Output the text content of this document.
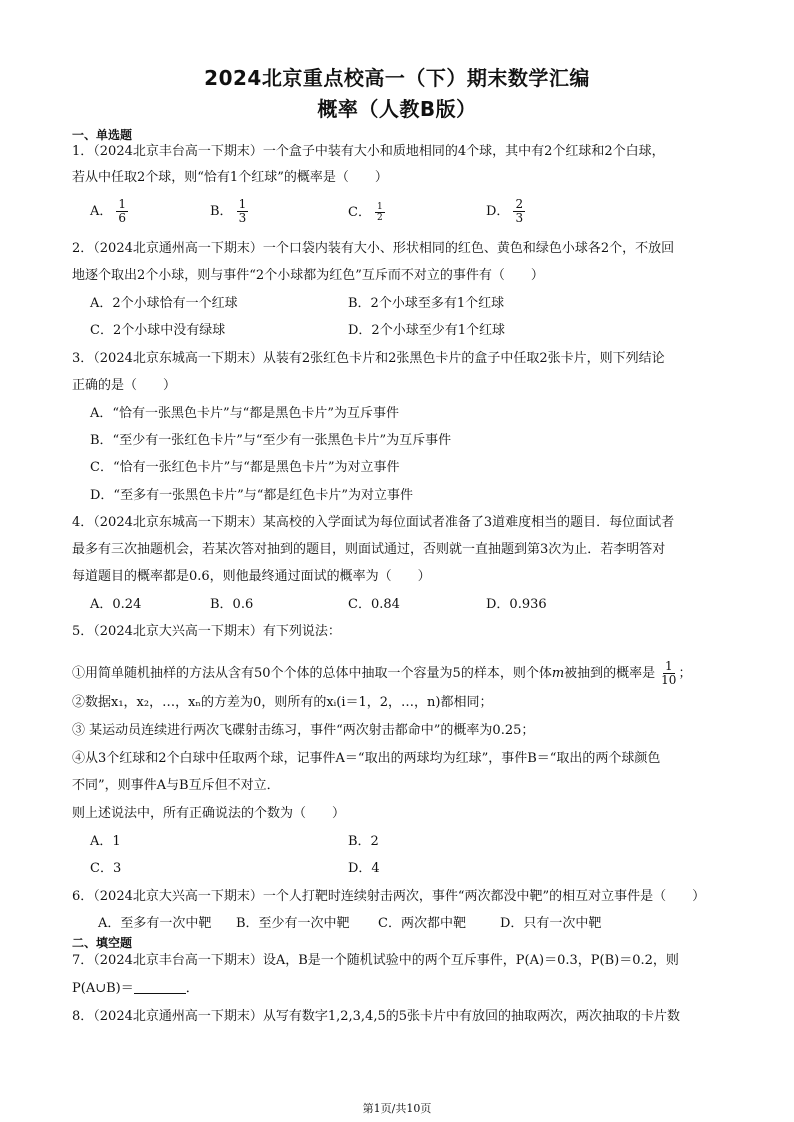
2024北京重点校高一（下）期末数学汇编
概率（人教B版）
一、单选题
1．（2024北京丰台高一下期末）一个盒子中装有大小和质地相同的4个球，其中有2个红球和2个白球，
若从中任取2个球，则“恰有1个红球”的概率是（　　）
A． $\frac{1}{6}$	B． $\frac{1}{3}$	C． $\frac{1}{2}$	D． $\frac{2}{3}$
2．（2024北京通州高一下期末）一个口袋内装有大小、形状相同的红色、黄色和绿色小球各2个，不放回
地逐个取出2个小球，则与事件“2个小球都为红色”互斥而不对立的事件有（　　）
A．2个小球恰有一个红球	B．2个小球至多有1个红球
C．2个小球中没有绿球	D．2个小球至少有1个红球
3．（2024北京东城高一下期末）从装有2张红色卡片和2张黑色卡片的盒子中任取2张卡片，则下列结论
正确的是（　　）
A．“恰有一张黑色卡片”与“都是黑色卡片”为互斥事件
B．“至少有一张红色卡片”与“至少有一张黑色卡片”为互斥事件
C．“恰有一张红色卡片”与“都是黑色卡片”为对立事件
D．“至多有一张黑色卡片”与“都是红色卡片”为对立事件
4．（2024北京东城高一下期末）某高校的入学面试为每位面试者准备了3道难度相当的题目．每位面试者
最多有三次抽题机会，若某次答对抽到的题目，则面试通过，否则就一直抽题到第3次为止．若李明答对
每道题目的概率都是0.6，则他最终通过面试的概率为（　　）
A．0.24	B．0.6	C．0.84	D．0.936
5．（2024北京大兴高一下期末）有下列说法：
①用简单随机抽样的方法从含有50个个体的总体中抽取一个容量为5的样本，则个体m被抽到的概率是 $\frac{1}{10}$ ；
②数据x₁，x₂，…，xₙ的方差为0，则所有的xᵢ(i＝1，2，…，n)都相同；
③ 某运动员连续进行两次飞碟射击练习，事件“两次射击都命中”的概率为0.25；
④从3个红球和2个白球中任取两个球，记事件A＝“取出的两球均为红球”，事件B＝“取出的两个球颜色
不同”，则事件A与B互斥但不对立．
则上述说法中，所有正确说法的个数为（　　）
A．1	B．2
C．3	D．4
6．（2024北京大兴高一下期末）一个人打靶时连续射击两次，事件“两次都没中靶”的相互对立事件是（　　）
A．至多有一次中靶 B．至少有一次中靶 C．两次都中靶	D．只有一次中靶
二、填空题
7．（2024北京丰台高一下期末）设A，B是一个随机试验中的两个互斥事件，P(A)＝0.3，P(B)＝0.2，则
P(A∪B)＝	．
8．（2024北京通州高一下期末）从写有数字1,2,3,4,5的5张卡片中有放回的抽取两次，两次抽取的卡片数
第1页/共10页
